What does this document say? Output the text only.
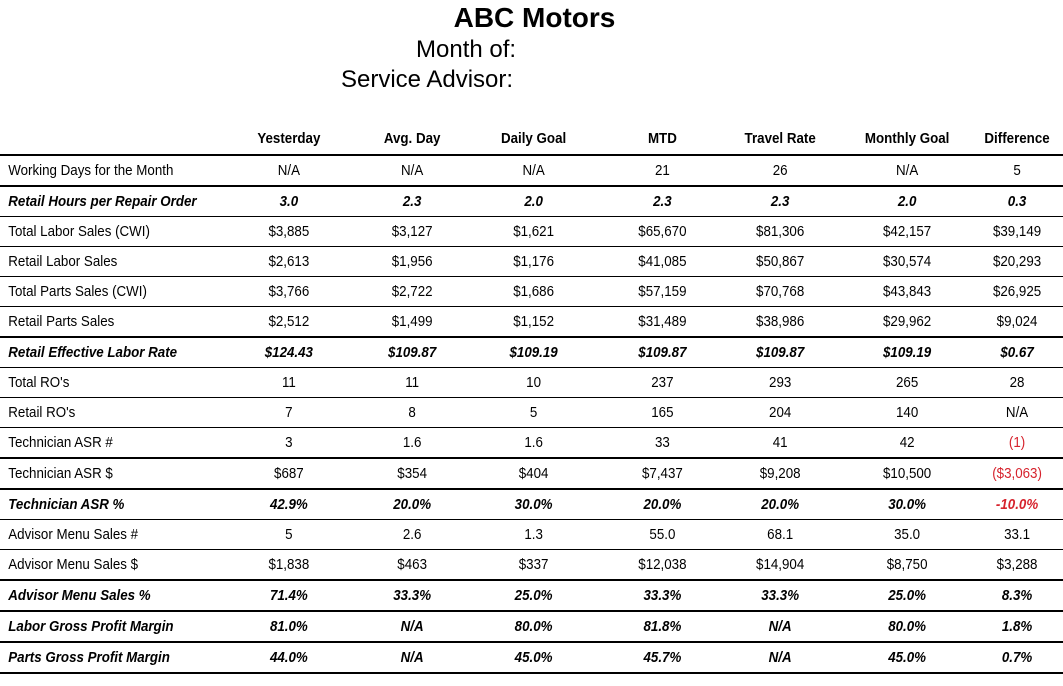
ABC Motors
Month of:
Service Advisor:
Yesterday	Avg. Day	Daily Goal	MTD	Travel Rate	Monthly Goal	Difference
Working Days for the Month	N/A	N/A	N/A	21	26	N/A	5
Retail Hours per Repair Order	3.0	2.3	2.0	2.3	2.3	2.0	0.3
Total Labor Sales (CWI)	$3,885	$3,127	$1,621	$65,670	$81,306	$42,157	$39,149
Retail Labor Sales	$2,613	$1,956	$1,176	$41,085	$50,867	$30,574	$20,293
Total Parts Sales (CWI)	$3,766	$2,722	$1,686	$57,159	$70,768	$43,843	$26,925
Retail Parts Sales	$2,512	$1,499	$1,152	$31,489	$38,986	$29,962	$9,024
Retail Effective Labor Rate	$124.43	$109.87	$109.19	$109.87	$109.87	$109.19	$0.67
Total RO's	11	11	10	237	293	265	28
Retail RO's	7	8	5	165	204	140	N/A
Technician ASR #	3	1.6	1.6	33	41	42	(1)
Technician ASR $	$687	$354	$404	$7,437	$9,208	$10,500	($3,063)
Technician ASR %	42.9%	20.0%	30.0%	20.0%	20.0%	30.0%	-10.0%
Advisor Menu Sales #	5	2.6	1.3	55.0	68.1	35.0	33.1
Advisor Menu Sales $	$1,838	$463	$337	$12,038	$14,904	$8,750	$3,288
Advisor Menu Sales %	71.4%	33.3%	25.0%	33.3%	33.3%	25.0%	8.3%
Labor Gross Profit Margin	81.0%	N/A	80.0%	81.8%	N/A	80.0%	1.8%
Parts Gross Profit Margin	44.0%	N/A	45.0%	45.7%	N/A	45.0%	0.7%
